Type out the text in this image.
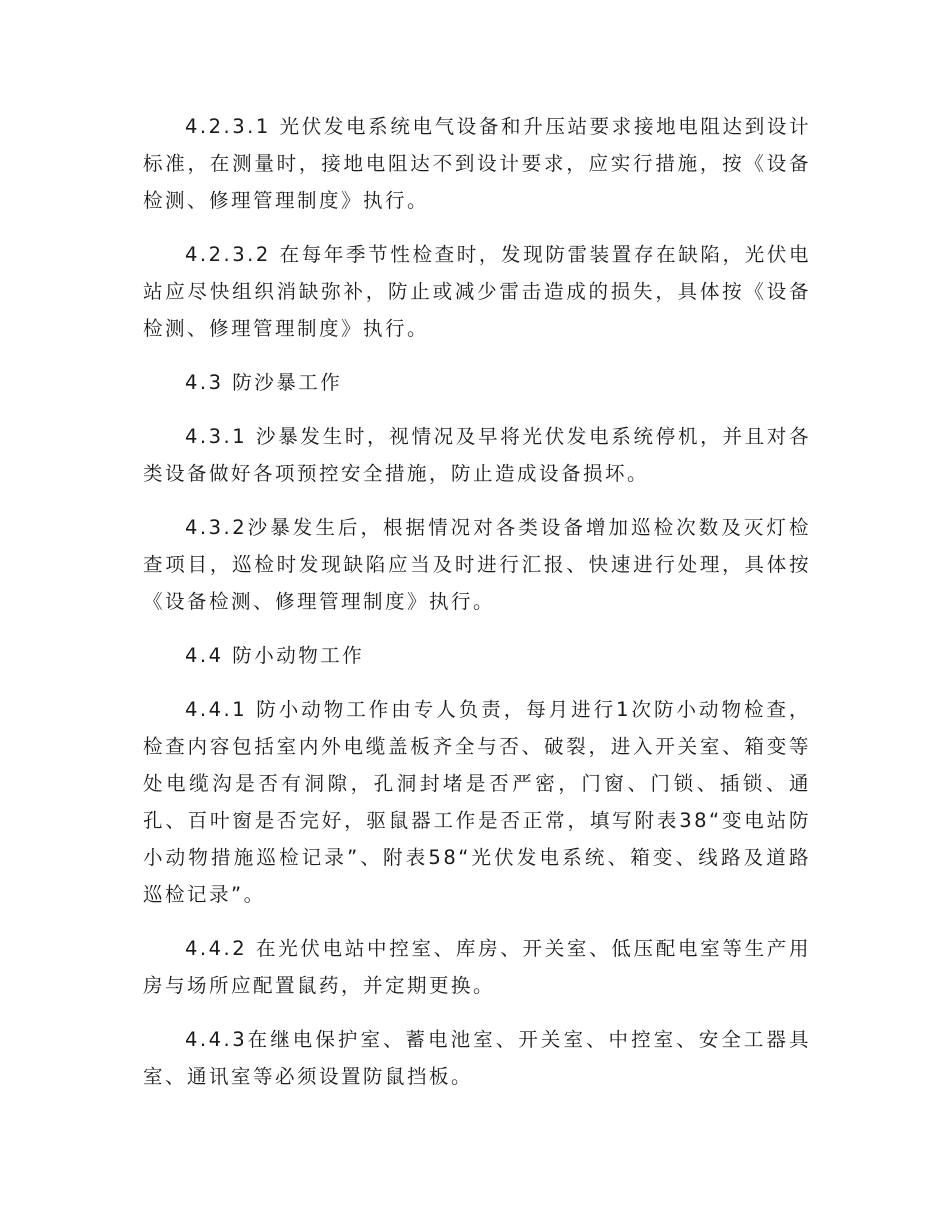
4.2.3.1 光伏发电系统电气设备和升压站要求接地电阻达到设计标准，在测量时，接地电阻达不到设计要求，应实行措施，按《设备检测、修理管理制度》执行。

4.2.3.2 在每年季节性检查时，发现防雷装置存在缺陷，光伏电站应尽快组织消缺弥补，防止或减少雷击造成的损失，具体按《设备检测、修理管理制度》执行。

4.3 防沙暴工作

4.3.1 沙暴发生时，视情况及早将光伏发电系统停机，并且对各类设备做好各项预控安全措施，防止造成设备损坏。

4.3.2沙暴发生后，根据情况对各类设备增加巡检次数及灭灯检查项目，巡检时发现缺陷应当及时进行汇报、快速进行处理，具体按《设备检测、修理管理制度》执行。

4.4 防小动物工作

4.4.1 防小动物工作由专人负责，每月进行1次防小动物检查，检查内容包括室内外电缆盖板齐全与否、破裂，进入开关室、箱变等处电缆沟是否有洞隙，孔洞封堵是否严密，门窗、门锁、插锁、通孔、百叶窗是否完好，驱鼠器工作是否正常，填写附表38“变电站防小动物措施巡检记录”、附表58“光伏发电系统、箱变、线路及道路巡检记录”。

4.4.2 在光伏电站中控室、库房、开关室、低压配电室等生产用房与场所应配置鼠药，并定期更换。

4.4.3在继电保护室、蓄电池室、开关室、中控室、安全工器具室、通讯室等必须设置防鼠挡板。
